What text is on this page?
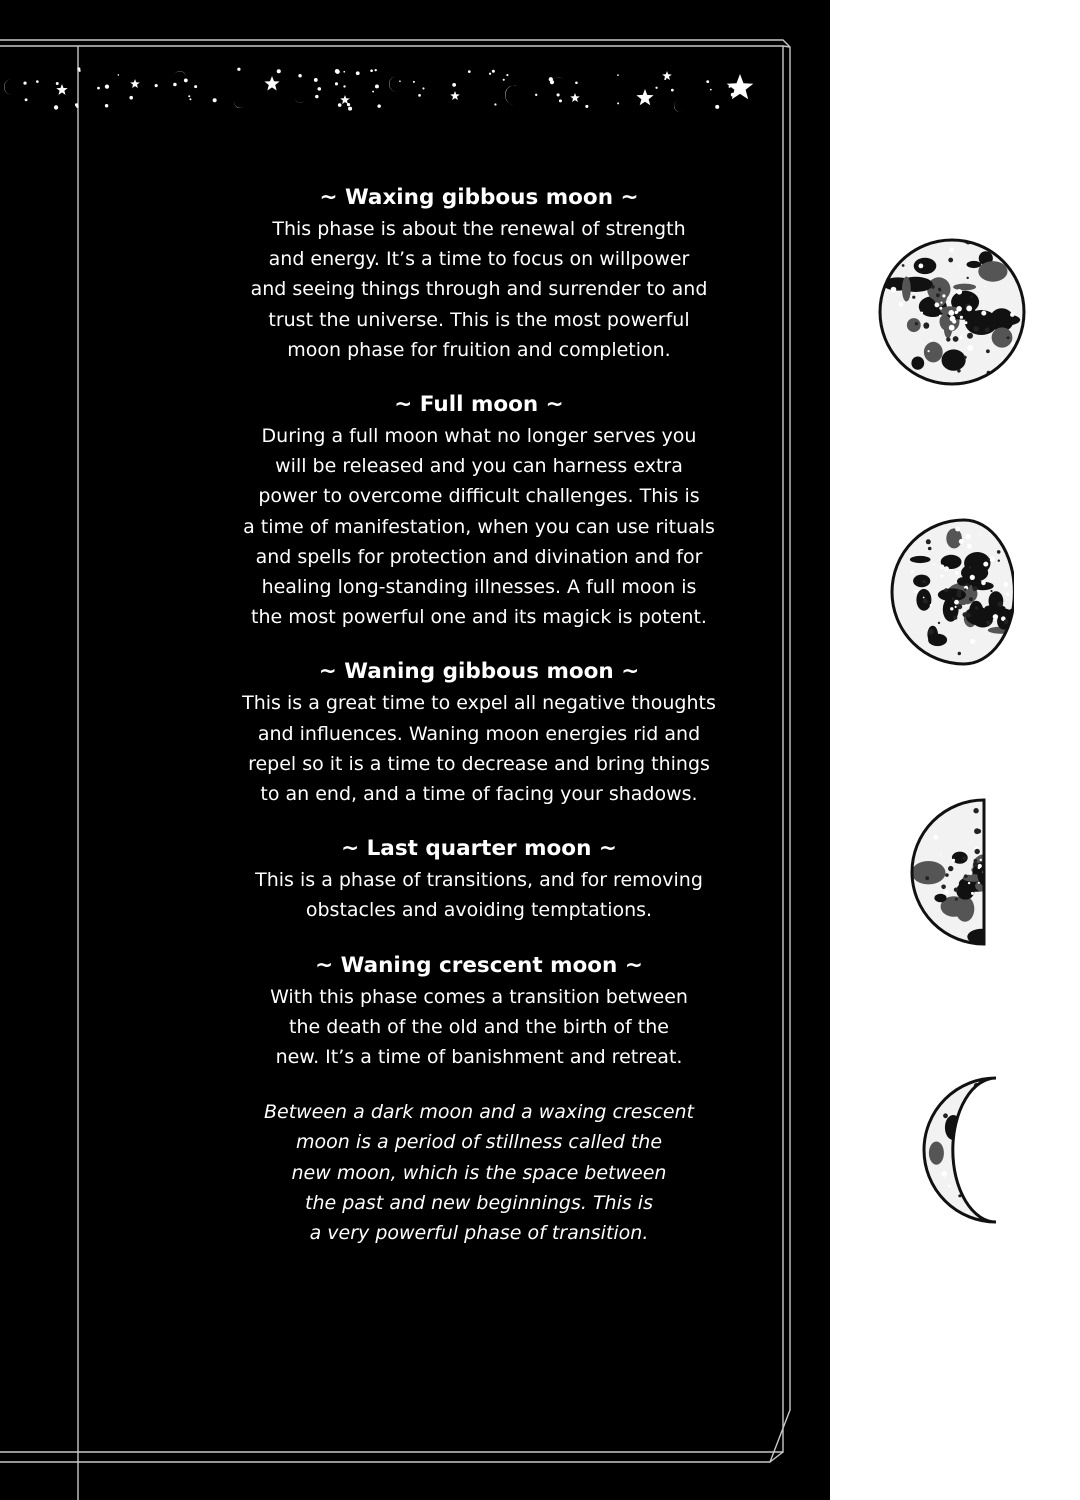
~ Waxing gibbous moon ~

This phase is about the renewal of strength
and energy. It’s a time to focus on willpower
and seeing things through and surrender to and
trust the universe. This is the most powerful
moon phase for fruition and completion.

~ Full moon ~

During a full moon what no longer serves you
will be released and you can harness extra
power to overcome difficult challenges. This is
a time of manifestation, when you can use rituals
and spells for protection and divination and for
healing long-standing illnesses. A full moon is
the most powerful one and its magick is potent.

~ Waning gibbous moon ~

This is a great time to expel all negative thoughts
and influences. Waning moon energies rid and
repel so it is a time to decrease and bring things
to an end, and a time of facing your shadows.

~ Last quarter moon ~

This is a phase of transitions, and for removing
obstacles and avoiding temptations.

~ Waning crescent moon ~

With this phase comes a transition between
the death of the old and the birth of the
new. It’s a time of banishment and retreat.

Between a dark moon and a waxing crescent
moon is a period of stillness called the
new moon, which is the space between
the past and new beginnings. This is
a very powerful phase of transition.
